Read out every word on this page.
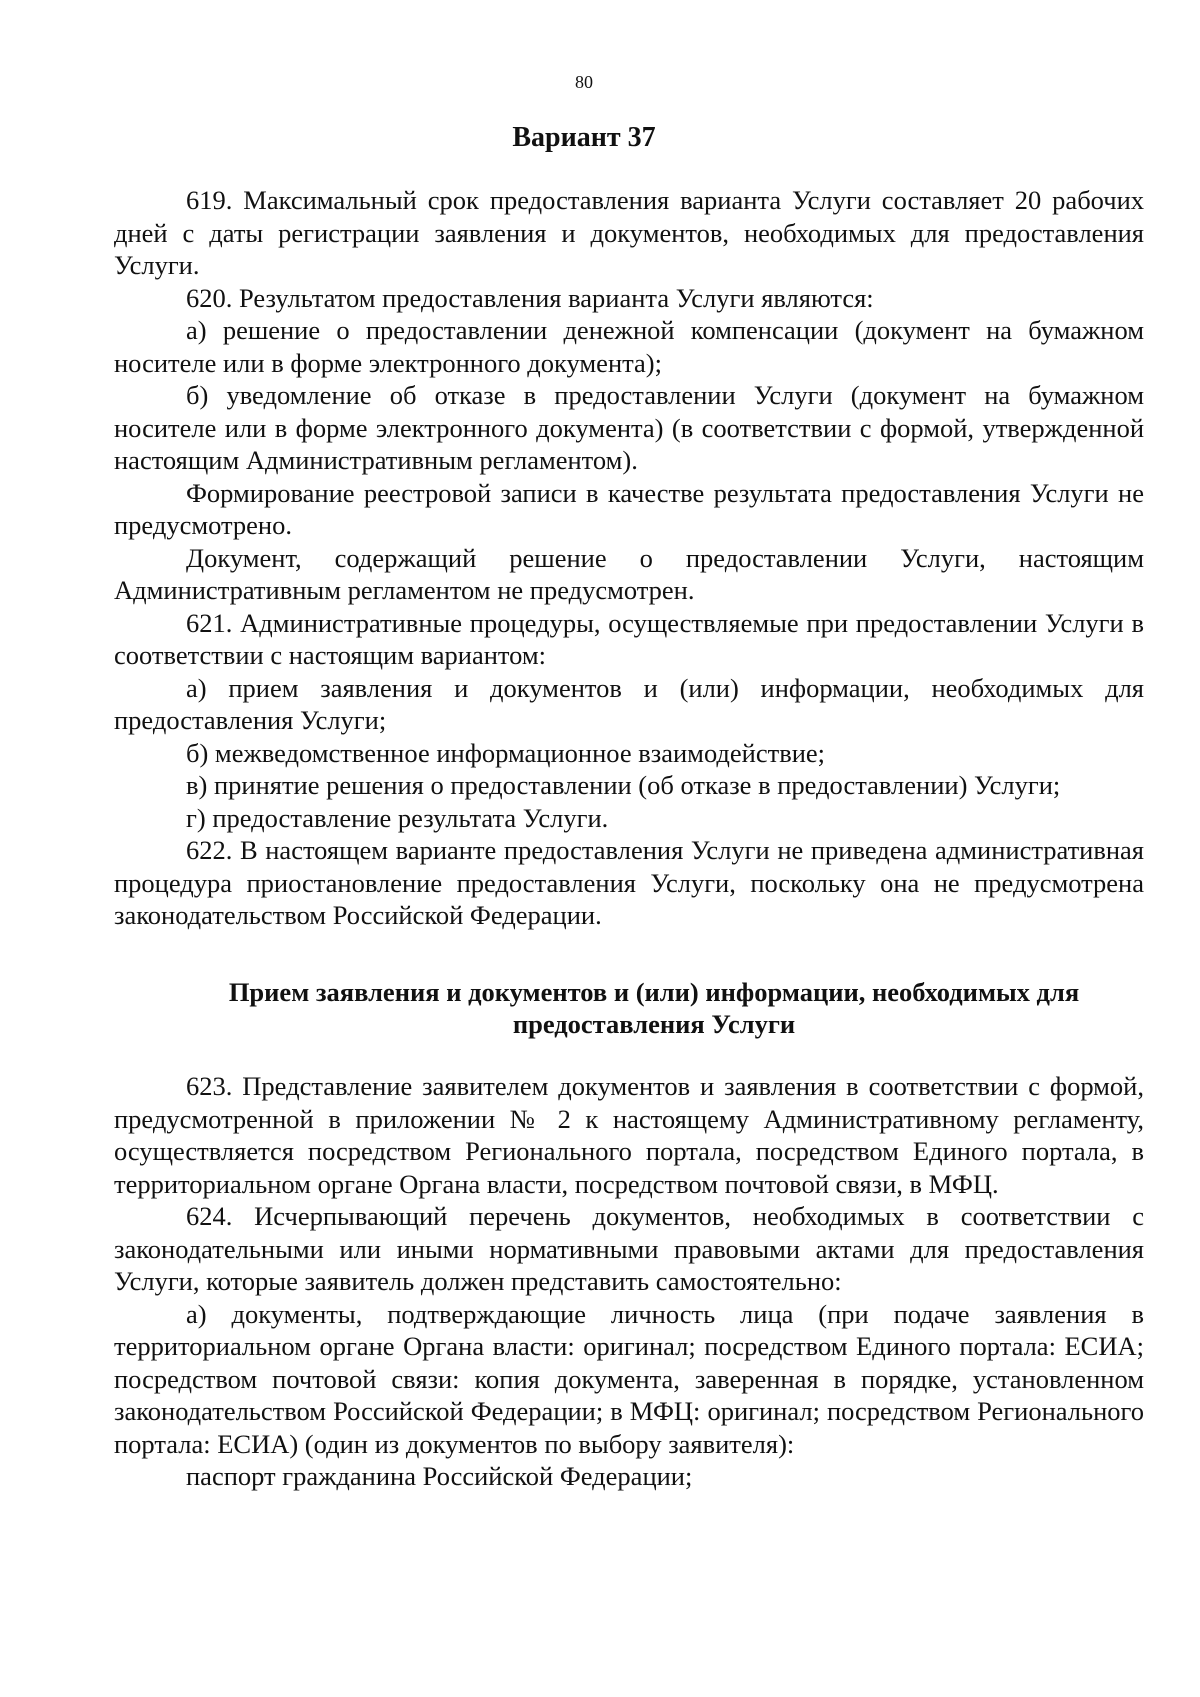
80
Вариант 37

619. Максимальный срок предоставления варианта Услуги составляет 20 рабочих дней с даты регистрации заявления и документов, необходимых для предоставления Услуги.

620. Результатом предоставления варианта Услуги являются:

а) решение о предоставлении денежной компенсации (документ на бумажном носителе или в форме электронного документа);

б) уведомление об отказе в предоставлении Услуги (документ на бумажном носителе или в форме электронного документа) (в соответствии с формой, утвержденной настоящим Административным регламентом).

Формирование реестровой записи в качестве результата предоставления Услуги не предусмотрено.

Документ, содержащий решение о предоставлении Услуги, настоящим Административным регламентом не предусмотрен.

621. Административные процедуры, осуществляемые при предоставлении Услуги в соответствии с настоящим вариантом:

а) прием заявления и документов и (или) информации, необходимых для предоставления Услуги;

б) межведомственное информационное взаимодействие;

в) принятие решения о предоставлении (об отказе в предоставлении) Услуги;

г) предоставление результата Услуги.

622. В настоящем варианте предоставления Услуги не приведена административная процедура приостановление предоставления Услуги, поскольку она не предусмотрена законодательством Российской Федерации.

Прием заявления и документов и (или) информации, необходимых для предоставления Услуги

623. Представление заявителем документов и заявления в соответствии с формой, предусмотренной в приложении № 2 к настоящему Административному регламенту, осуществляется посредством Регионального портала, посредством Единого портала, в территориальном органе Органа власти, посредством почтовой связи, в МФЦ.

624. Исчерпывающий перечень документов, необходимых в соответствии с законодательными или иными нормативными правовыми актами для предоставления Услуги, которые заявитель должен представить самостоятельно:

а) документы, подтверждающие личность лица (при подаче заявления в территориальном органе Органа власти: оригинал; посредством Единого портала: ЕСИА; посредством почтовой связи: копия документа, заверенная в порядке, установленном законодательством Российской Федерации; в МФЦ: оригинал; посредством Регионального портала: ЕСИА) (один из документов по выбору заявителя):

паспорт гражданина Российской Федерации;
